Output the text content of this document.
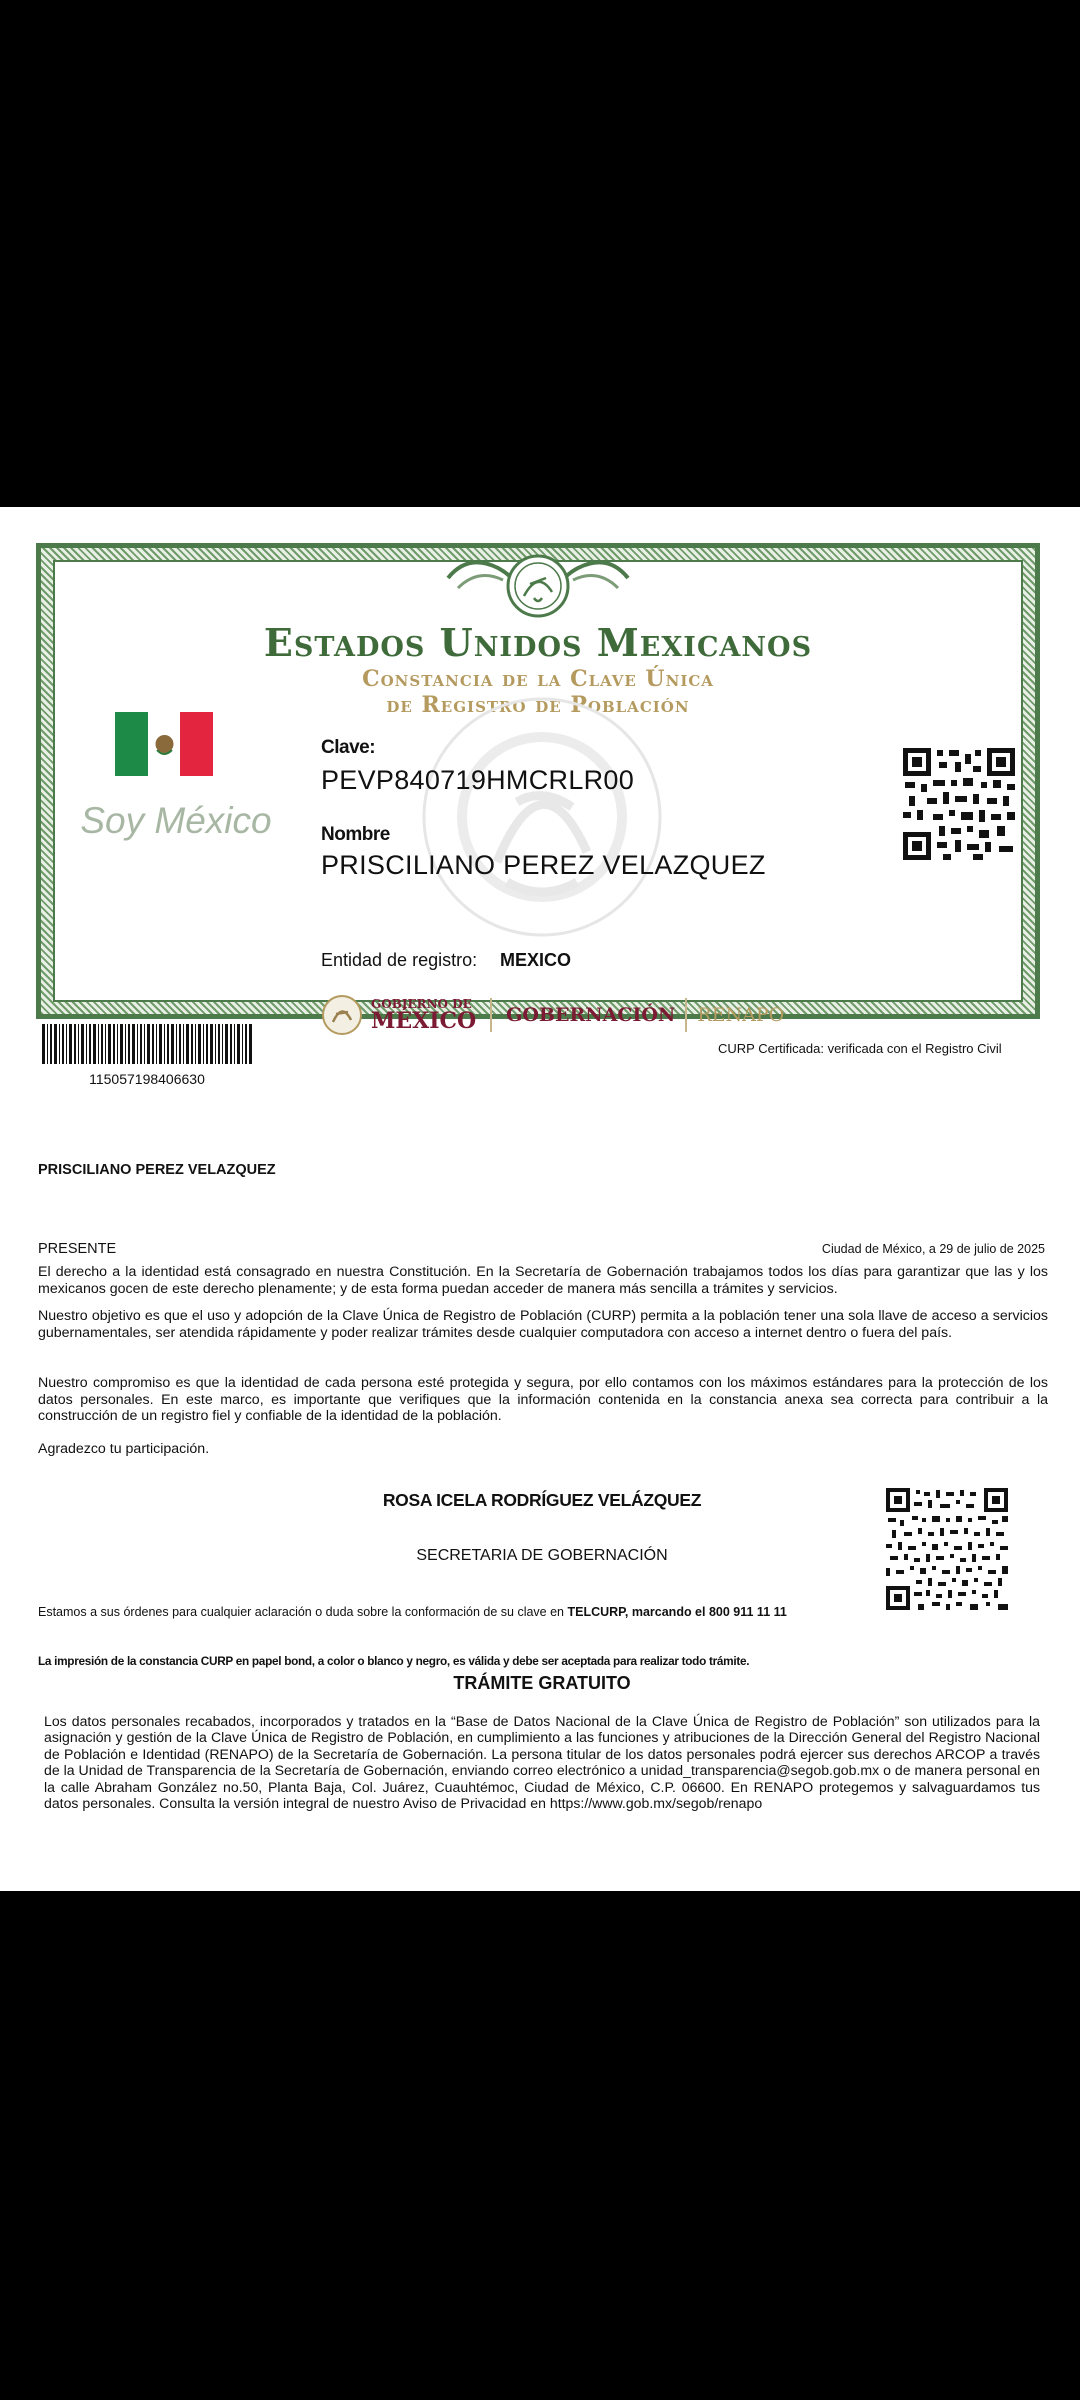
Estados Unidos Mexicanos
Constancia de la Clave Única
de Registro de Población
Soy México
Clave:
PEVP840719HMCRLR00
Nombre
PRISCILIANO PEREZ VELAZQUEZ
Entidad de registro: MEXICO
GOBIERNO DE
MÉXICO GOBERNACIÓN RENAPO
115057198406630
CURP Certificada: verificada con el Registro Civil
PRISCILIANO PEREZ VELAZQUEZ
PRESENTE	Ciudad de México, a 29 de julio de 2025
El derecho a la identidad está consagrado en nuestra Constitución. En la Secretaría de Gobernación trabajamos todos los días para garantizar que las y los mexicanos gocen de este derecho plenamente; y de esta forma puedan acceder de manera más sencilla a trámites y servicios.
Nuestro objetivo es que el uso y adopción de la Clave Única de Registro de Población (CURP) permita a la población tener una sola llave de acceso a servicios gubernamentales, ser atendida rápidamente y poder realizar trámites desde cualquier computadora con acceso a internet dentro o fuera del país.
Nuestro compromiso es que la identidad de cada persona esté protegida y segura, por ello contamos con los máximos estándares para la protección de los datos personales. En este marco, es importante que verifiques que la información contenida en la constancia anexa sea correcta para contribuir a la construcción de un registro fiel y confiable de la identidad de la población.
Agradezco tu participación.
ROSA ICELA RODRÍGUEZ VELÁZQUEZ
SECRETARIA DE GOBERNACIÓN
Estamos a sus órdenes para cualquier aclaración o duda sobre la conformación de su clave en TELCURP, marcando el 800 911 11 11
La impresión de la constancia CURP en papel bond, a color o blanco y negro, es válida y debe ser aceptada para realizar todo trámite.
TRÁMITE GRATUITO
Los datos personales recabados, incorporados y tratados en la “Base de Datos Nacional de la Clave Única de Registro de Población” son utilizados para la asignación y gestión de la Clave Única de Registro de Población, en cumplimiento a las funciones y atribuciones de la Dirección General del Registro Nacional de Población e Identidad (RENAPO) de la Secretaría de Gobernación. La persona titular de los datos personales podrá ejercer sus derechos ARCOP a través de la Unidad de Transparencia de la Secretaría de Gobernación, enviando correo electrónico a unidad_transparencia@segob.gob.mx o de manera personal en la calle Abraham González no.50, Planta Baja, Col. Juárez, Cuauhtémoc, Ciudad de México, C.P. 06600. En RENAPO protegemos y salvaguardamos tus datos personales. Consulta la versión integral de nuestro Aviso de Privacidad en https://www.gob.mx/segob/renapo
